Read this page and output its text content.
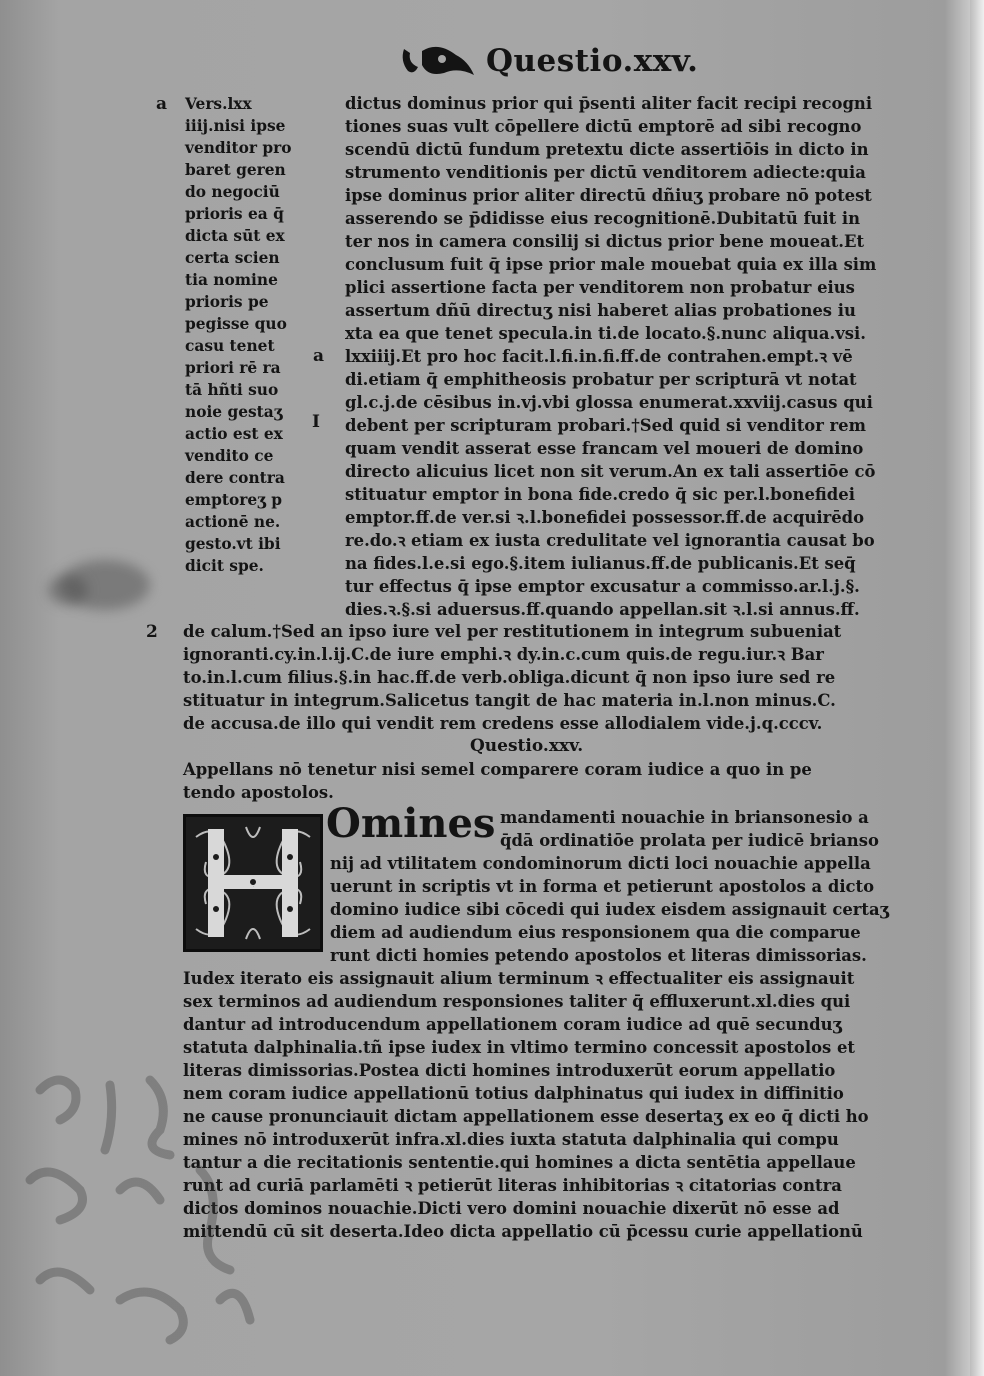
Questio.xxv.
a Vers.lxx
iiij.nisi ipse
venditor pro
baret geren
do negociū
prioris ea q̄
dicta sūt ex
certa scien
tia nomine
prioris pe
pegisse quo
casu tenet
priori rē ra
tā hñti suo
noie gestaʒ
actio est ex
vendito ce
dere contra
emptoreʒ p
actionē ne.
gesto.vt ibi
dicit spe.
a
I
dictus dominus prior qui p̄senti aliter facit recipi recogni
tiones suas vult cōpellere dictū emptorē ad sibi recogno
scendū dictū fundum pretextu dicte assertiōis in dicto in
strumento venditionis per dictū venditorem adiecte:quia
ipse dominus prior aliter directū dñiuʒ probare nō potest
asserendo se p̄didisse eius recognitionē.Dubitatū fuit in
ter nos in camera consilij si dictus prior bene moueat.Et
conclusum fuit q̄ ipse prior male mouebat quia ex illa sim
plici assertione facta per venditorem non probatur eius
assertum dñū directuʒ nisi haberet alias probationes iu
xta ea que tenet specula.in ti.de locato.§.nunc aliqua.vsi.
lxxiiij.Et pro hoc facit.l.fi.in.fi.ff.de contrahen.empt.ꝛ vē
di.etiam q̄ emphitheosis probatur per scripturā vt notat
gl.c.j.de cēsibus in.vj.vbi glossa enumerat.xxviij.casus qui
debent per scripturam probari.†Sed quid si venditor rem
quam vendit asserat esse francam vel moueri de domino
directo alicuius licet non sit verum.An ex tali assertiōe cō
stituatur emptor in bona fide.credo q̄ sic per.l.bonefidei
emptor.ff.de ver.si ꝛ.l.bonefidei possessor.ff.de acquirēdo
re.do.ꝛ etiam ex iusta credulitate vel ignorantia causat bo
na fides.l.e.si ego.§.item iulianus.ff.de publicanis.Et seq̄
tur effectus q̄ ipse emptor excusatur a commisso.ar.l.j.§.
dies.ꝛ.§.si aduersus.ff.quando appellan.sit ꝛ.l.si annus.ff.
2 de calum.†Sed an ipso iure vel per restitutionem in integrum subueniat
ignoranti.cy.in.l.ij.C.de iure emphi.ꝛ dy.in.c.cum quis.de regu.iur.ꝛ Bar
to.in.l.cum filius.§.in hac.ff.de verb.obliga.dicunt q̄ non ipso iure sed re
stituatur in integrum.Salicetus tangit de hac materia in.l.non minus.C.
de accusa.de illo qui vendit rem credens esse allodialem vide.j.q.cccv.
Questio.xxv.
Appellans nō tenetur nisi semel comparere coram iudice a quo in pe
tendo apostolos.
H
Omines mandamenti nouachie in briansonesio a
q̄dā ordinatiōe prolata per iudicē brianso
nij ad vtilitatem condominorum dicti loci nouachie appella
uerunt in scriptis vt in forma et petierunt apostolos a dicto
domino iudice sibi cōcedi qui iudex eisdem assignauit certaʒ
diem ad audiendum eius responsionem qua die comparue
runt dicti homies petendo apostolos et literas dimissorias.
Iudex iterato eis assignauit alium terminum ꝛ effectualiter eis assignauit
sex terminos ad audiendum responsiones taliter q̄ effluxerunt.xl.dies qui
dantur ad introducendum appellationem coram iudice ad quē secunduʒ
statuta dalphinalia.tñ ipse iudex in vltimo termino concessit apostolos et
literas dimissorias.Postea dicti homines introduxerūt eorum appellatio
nem coram iudice appellationū totius dalphinatus qui iudex in diffinitio
ne cause pronunciauit dictam appellationem esse desertaʒ ex eo q̄ dicti ho
mines nō introduxerūt infra.xl.dies iuxta statuta dalphinalia qui compu
tantur a die recitationis sententie.qui homines a dicta sentētia appellaue
runt ad curiā parlamēti ꝛ petierūt literas inhibitorias ꝛ citatorias contra
dictos dominos nouachie.Dicti vero domini nouachie dixerūt nō esse ad
mittendū cū sit deserta.Ideo dicta appellatio cū p̄cessu curie appellationū
